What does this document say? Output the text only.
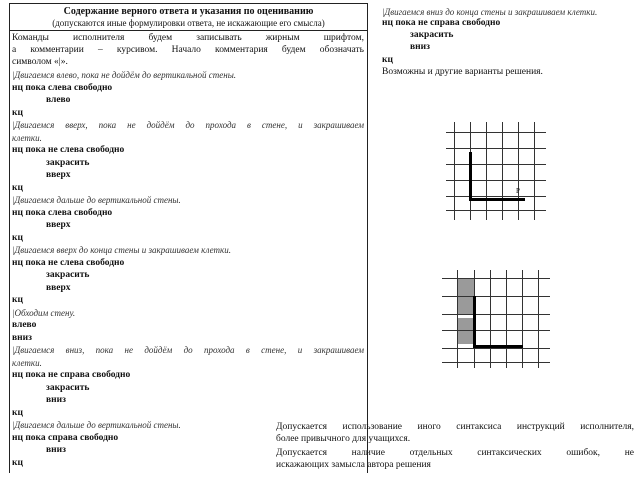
Содержание верного ответа и указания по оцениванию
(допускаются иные формулировки ответа, не искажающие его смысла)
Команды исполнителя будем записывать жирным шрифтом,
а комментарии – курсивом. Начало комментария будем обозначать
символом «|».
|Двигаемся влево, пока не дойдём до вертикальной стены.
нц пока слева свободно
влево
кц
|Двигаемся вверх, пока не дойдём до прохода в стене, и закрашиваем
клетки.
нц пока не слева свободно
закрасить
вверх
кц
|Двигаемся дальше до вертикальной стены.
нц пока слева свободно
вверх
кц
|Двигаемся вверх до конца стены и закрашиваем клетки.
нц пока не слева свободно
закрасить
вверх
кц
|Обходим стену.
влево
вниз
|Двигаемся вниз, пока не дойдём до прохода в стене, и закрашиваем
клетки.
нц пока не справа свободно
закрасить
вниз
кц
|Двигаемся дальше до вертикальной стены.
нц пока справа свободно
вниз
кц
|Двигаемся вниз до конца стены и закрашиваем клетки.
нц пока не справа свободно
закрасить
вниз
кц
Возможны и другие варианты решения.
Р
Допускается использование иного синтаксиса инструкций исполнителя,
более привычного для учащихся.
Допускается наличие отдельных синтаксических ошибок, не
искажающих замысла автора решения
